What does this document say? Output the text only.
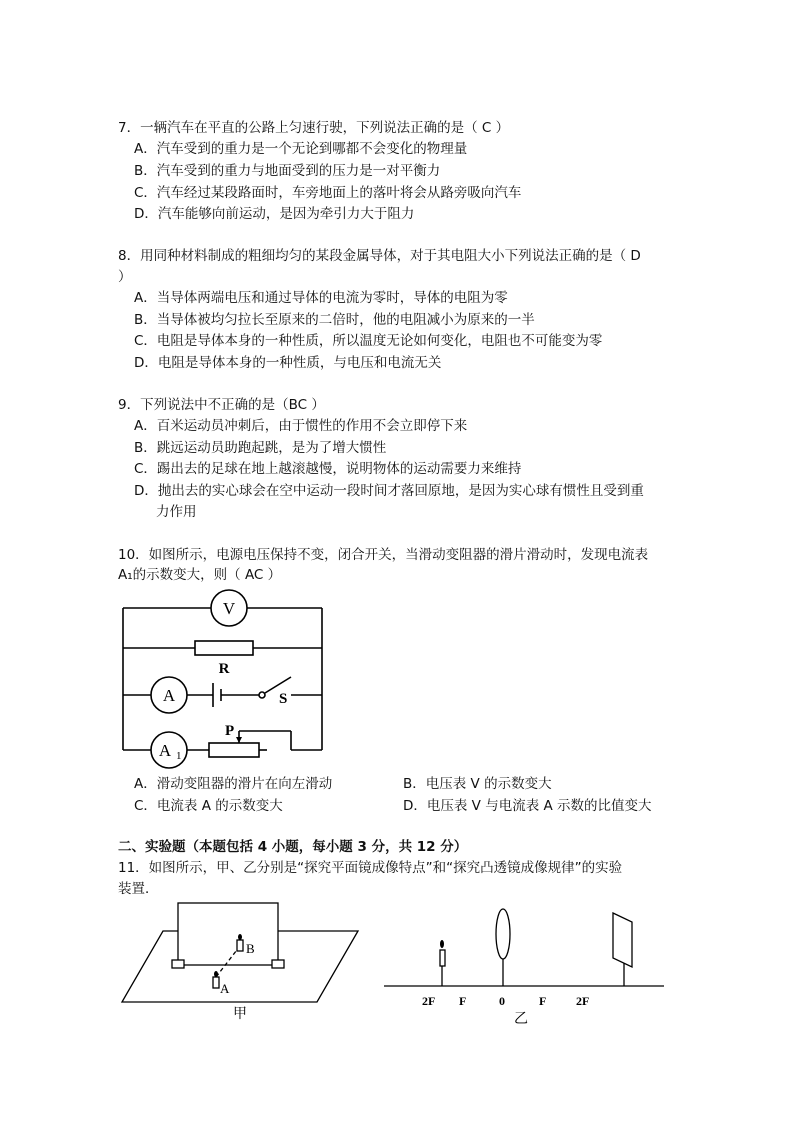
7．一辆汽车在平直的公路上匀速行驶，下列说法正确的是（ C ）
A．汽车受到的重力是一个无论到哪都不会变化的物理量
B．汽车受到的重力与地面受到的压力是一对平衡力
C．汽车经过某段路面时，车旁地面上的落叶将会从路旁吸向汽车
D．汽车能够向前运动，是因为牵引力大于阻力
8．用同种材料制成的粗细均匀的某段金属导体，对于其电阻大小下列说法正确的是（ D
）
A．当导体两端电压和通过导体的电流为零时，导体的电阻为零
B．当导体被均匀拉长至原来的二倍时，他的电阻减小为原来的一半
C．电阻是导体本身的一种性质，所以温度无论如何变化，电阻也不可能变为零
D．电阻是导体本身的一种性质，与电压和电流无关
9．下列说法中不正确的是（BC ）
A．百米运动员冲刺后，由于惯性的作用不会立即停下来
B．跳远运动员助跑起跳，是为了增大惯性
C．踢出去的足球在地上越滚越慢，说明物体的运动需要力来维持
D．抛出去的实心球会在空中运动一段时间才落回原地，是因为实心球有惯性且受到重
力作用
10．如图所示，电源电压保持不变，闭合开关，当滑动变阻器的滑片滑动时，发现电流表
A₁的示数变大，则（ AC ）
V
R
A	S
P
A 1
A．滑动变阻器的滑片在向左滑动	B．电压表 V 的示数变大
C．电流表 A 的示数变大	D．电压表 V 与电流表 A 示数的比值变大
二、实验题（本题包括 4 小题，每小题 3 分，共 12 分）
11．如图所示，甲、乙分别是“探究平面镜成像特点”和“探究凸透镜成像规律”的实验
装置．
B
A
甲
2F F	0	F 2F
乙
